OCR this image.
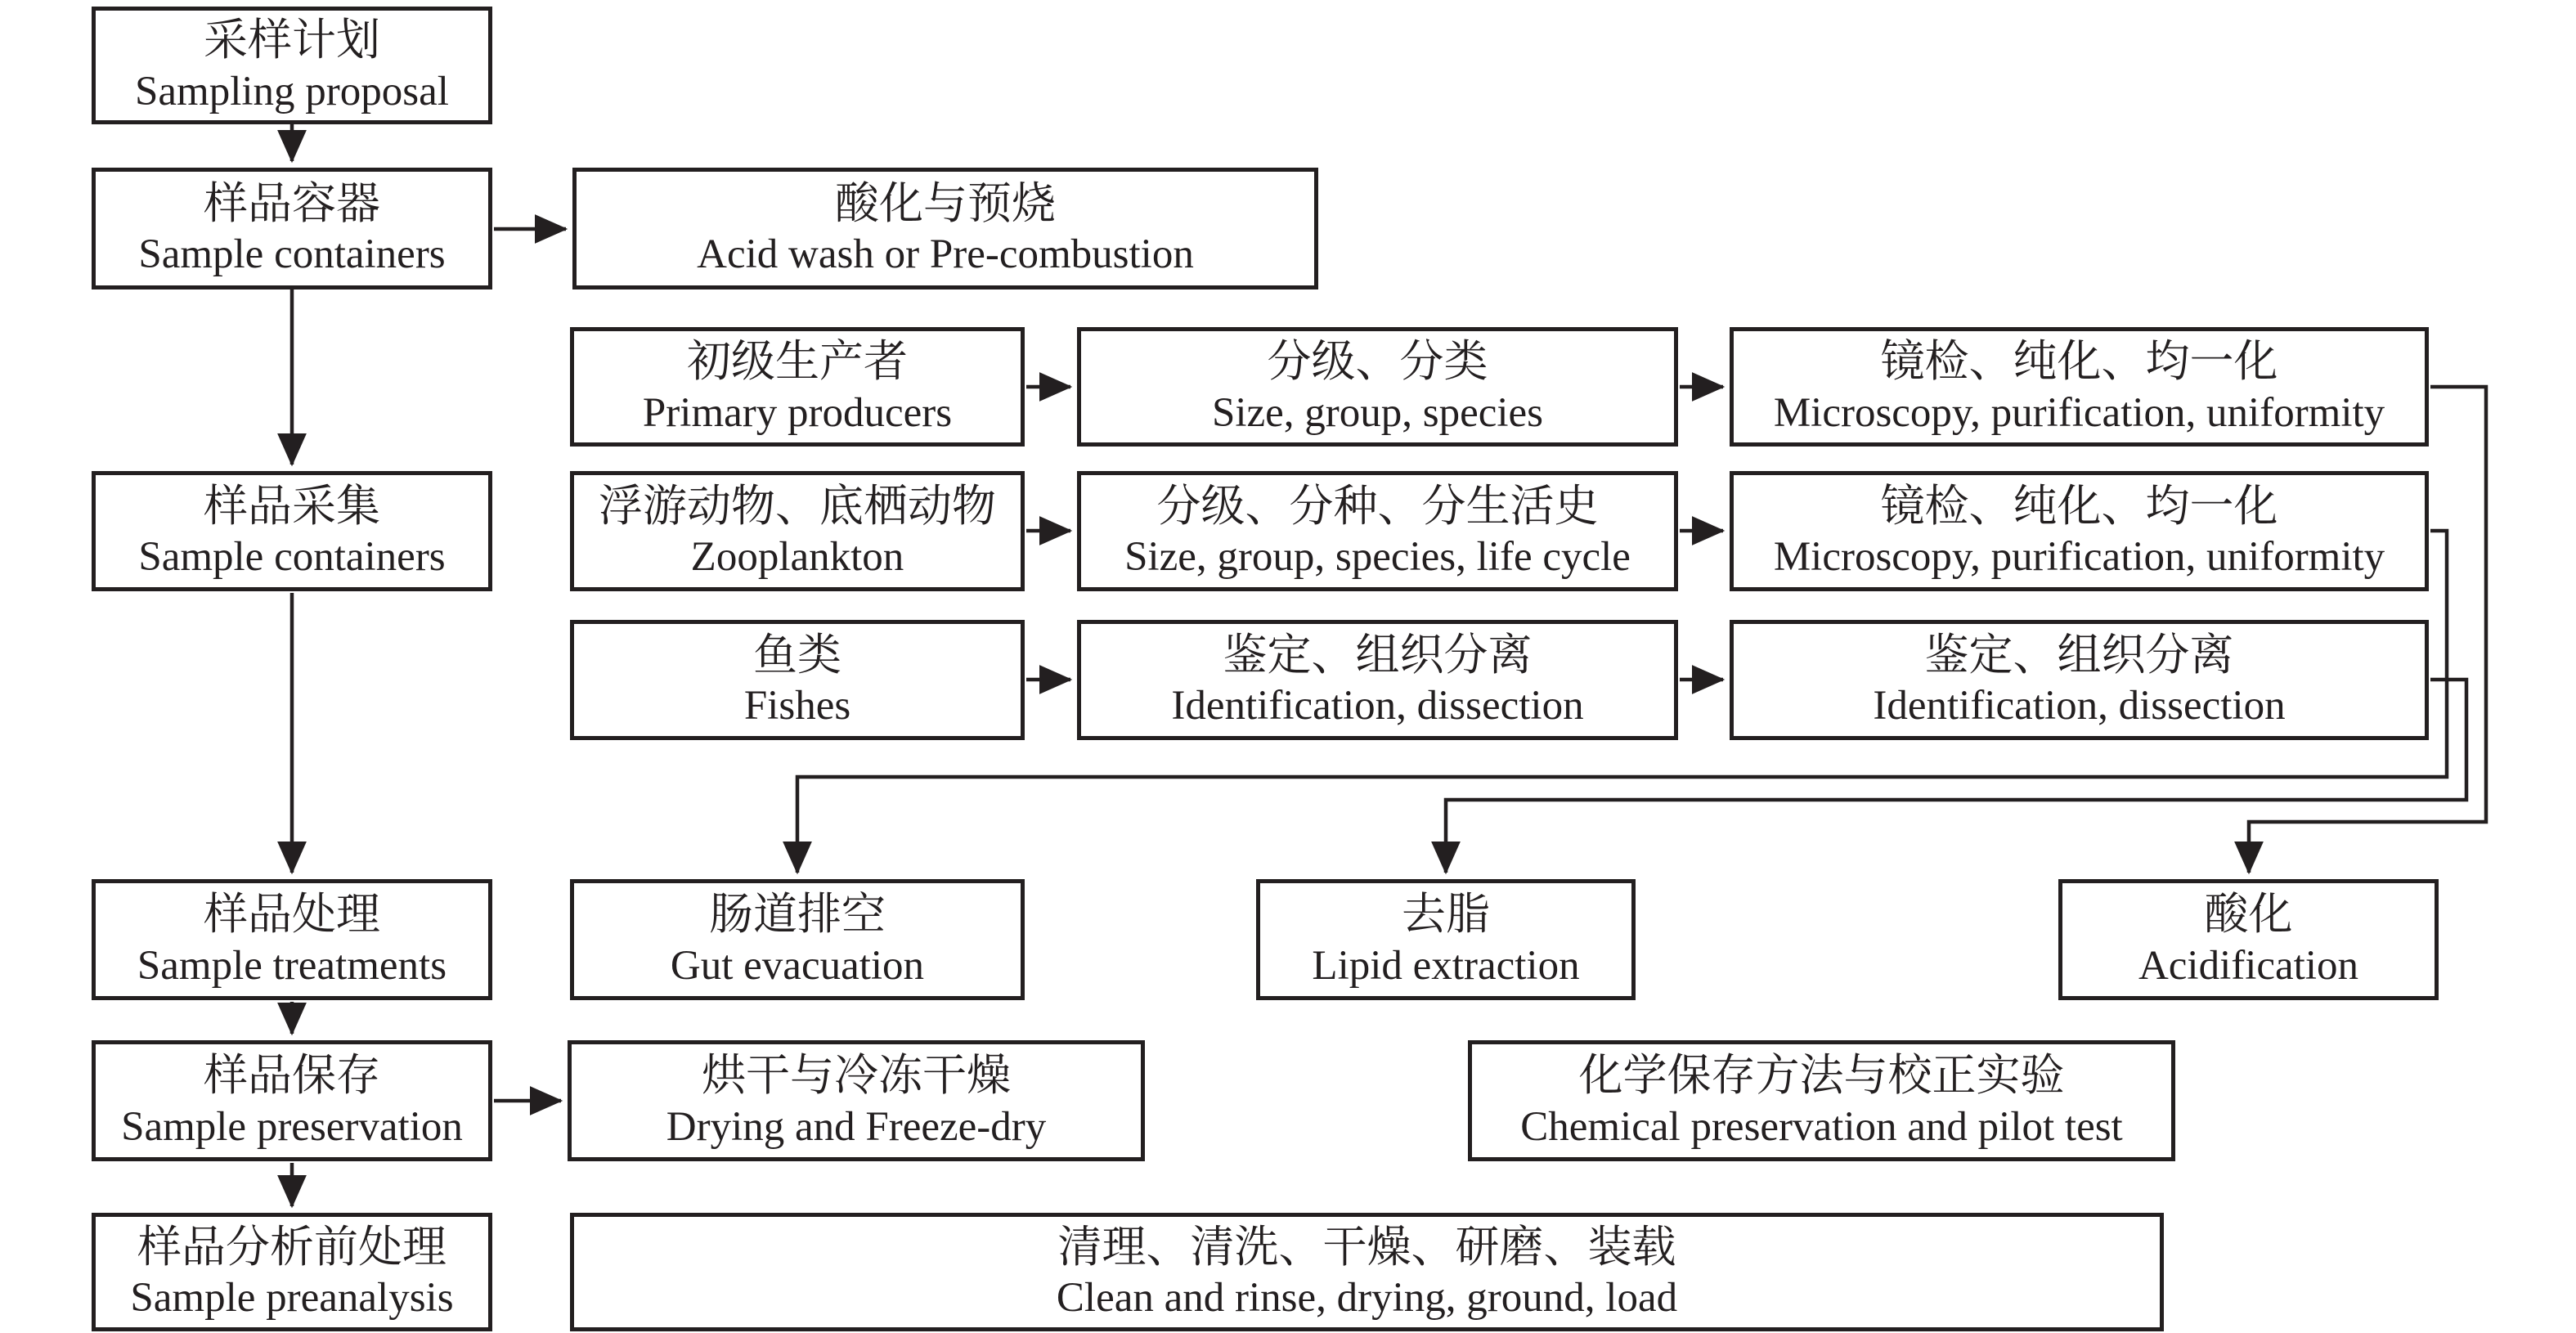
采样计划
Sampling proposal
样品容器
Sample containers
酸化与预烧
Acid wash or Pre-combustion
样品采集
Sample containers
初级生产者
Primary producers
浮游动物、底栖动物
Zooplankton
鱼类
Fishes
分级、分类
Size, group, species
分级、分种、分生活史
Size, group, species, life cycle
鉴定、组织分离
Identification, dissection
镜检、纯化、均一化
Microscopy, purification, uniformity
镜检、纯化、均一化
Microscopy, purification, uniformity
鉴定、组织分离
Identification, dissection
样品处理
Sample treatments
肠道排空
Gut evacuation
去脂
Lipid extraction
酸化
Acidification
样品保存
Sample preservation
烘干与冷冻干燥
Drying and Freeze-dry
化学保存方法与校正实验
Chemical preservation and pilot test
样品分析前处理
Sample preanalysis
清理、清洗、干燥、研磨、装载
Clean and rinse, drying, ground, load
